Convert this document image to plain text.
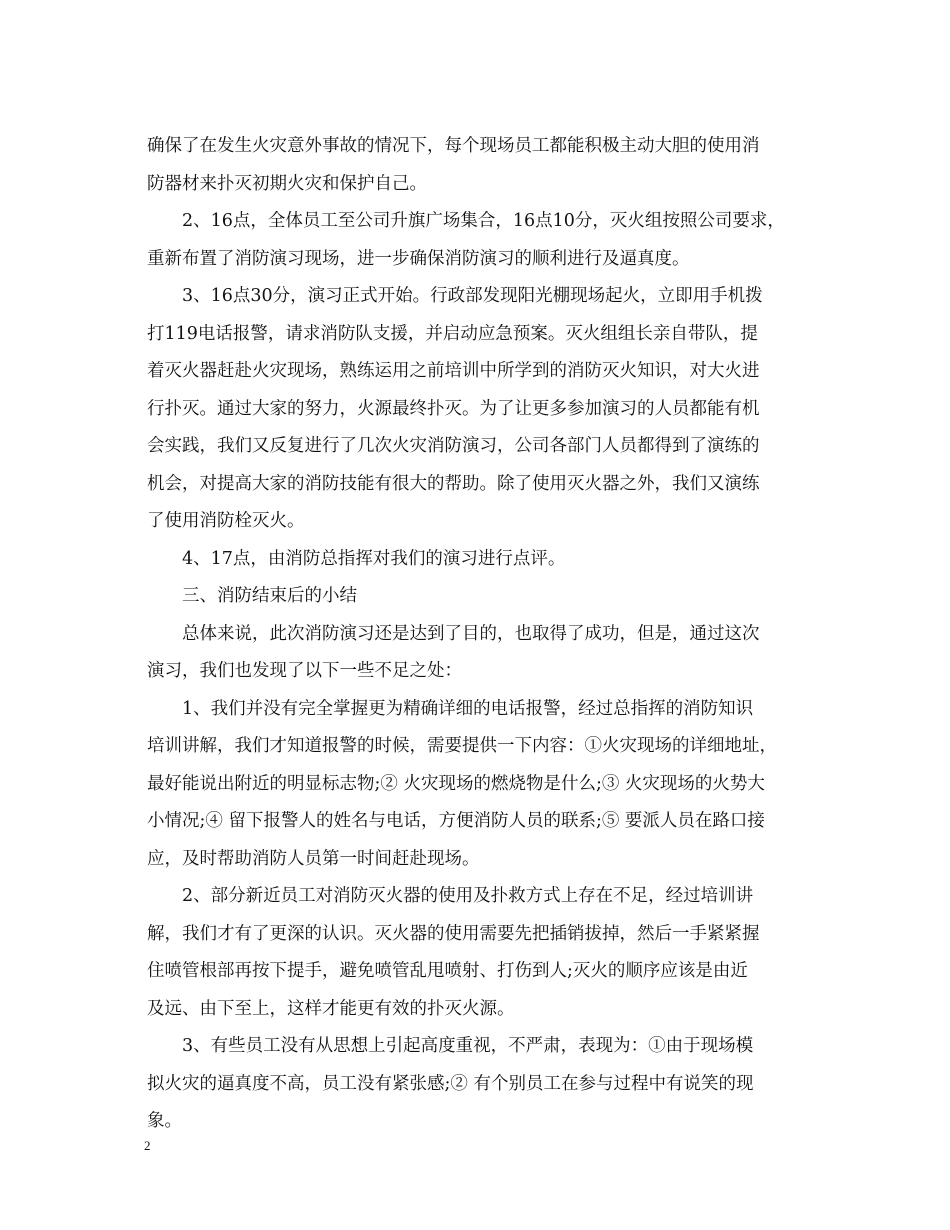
确保了在发生火灾意外事故的情况下，每个现场员工都能积极主动大胆的使用消
防器材来扑灭初期火灾和保护自己。
2、16点，全体员工至公司升旗广场集合，16点10分，灭火组按照公司要求，
重新布置了消防演习现场，进一步确保消防演习的顺利进行及逼真度。
3、16点30分，演习正式开始。行政部发现阳光棚现场起火，立即用手机拨
打119电话报警，请求消防队支援，并启动应急预案。灭火组组长亲自带队，提
着灭火器赶赴火灾现场，熟练运用之前培训中所学到的消防灭火知识，对大火进
行扑灭。通过大家的努力，火源最终扑灭。为了让更多参加演习的人员都能有机
会实践，我们又反复进行了几次火灾消防演习，公司各部门人员都得到了演练的
机会，对提高大家的消防技能有很大的帮助。除了使用灭火器之外，我们又演练
了使用消防栓灭火。
4、17点，由消防总指挥对我们的演习进行点评。
三、消防结束后的小结
总体来说，此次消防演习还是达到了目的，也取得了成功，但是，通过这次
演习，我们也发现了以下一些不足之处：
1、我们并没有完全掌握更为精确详细的电话报警，经过总指挥的消防知识
培训讲解，我们才知道报警的时候，需要提供一下内容：①火灾现场的详细地址，
最好能说出附近的明显标志物;② 火灾现场的燃烧物是什么;③ 火灾现场的火势大
小情况;④ 留下报警人的姓名与电话，方便消防人员的联系;⑤ 要派人员在路口接
应，及时帮助消防人员第一时间赶赴现场。
2、部分新近员工对消防灭火器的使用及扑救方式上存在不足，经过培训讲
解，我们才有了更深的认识。灭火器的使用需要先把插销拔掉，然后一手紧紧握
住喷管根部再按下提手，避免喷管乱甩喷射、打伤到人;灭火的顺序应该是由近
及远、由下至上，这样才能更有效的扑灭火源。
3、有些员工没有从思想上引起高度重视，不严肃，表现为：①由于现场模
拟火灾的逼真度不高，员工没有紧张感;② 有个别员工在参与过程中有说笑的现
象。
2
